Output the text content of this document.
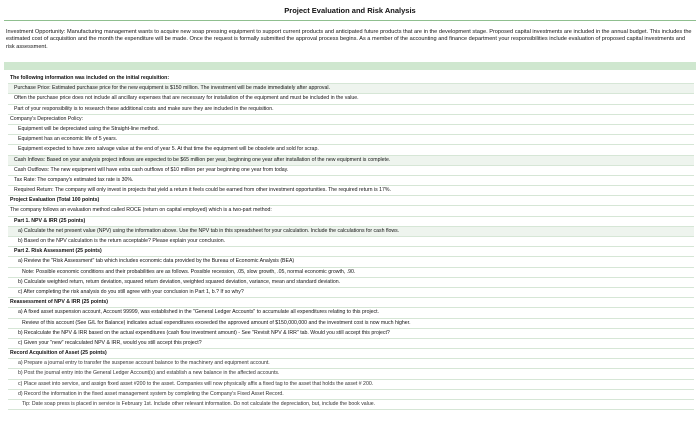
Project Evaluation and Risk Analysis
Investment Opportunity: Manufacturing management wants to acquire new soap pressing equipment to support current products and anticipated future products that are in the development stage. Proposed capital investments are included in the annual budget. This includes the estimated cost of acquisition and the month the expenditure will be made. Once the request is formally submitted the approval process begins. As a member of the accounting and finance department your responsibilities include evaluation of proposed capital investments and risk assessment.
The following information was included on the initial requisition:
Purchase Price: Estimated purchase price for the new equipment is $150 million. The investment will be made immediately after approval.
Often the purchase price does not include all ancillary expenses that are necessary for installation of the equipment and must be included in the value.
Part of your responsibility is to research these additional costs and make sure they are included in the requisition.
Company's Depreciation Policy:
Equipment will be depreciated using the Straight-line method.
Equipment has an economic life of 5 years.
Equipment expected to have zero salvage value at the end of year 5. At that time the equipment will be obsolete and sold for scrap.
Cash Inflows: Based on your analysis project inflows are expected to be $65 million per year, beginning one year after installation of the new equipment is complete.
Cash Outflows: The new equipment will have extra cash outflows of $10 million per year beginning one year from today.
Tax Rate: The company's estimated tax rate is 30%.
Required Return: The company will only invest in projects that yield a return it feels could be earned from other investment opportunities. The required return is 17%.
Project Evaluation (Total 100 points)
The company follows an evaluation method called ROCE (return on capital employed) which is a two-part method:
Part 1. NPV & IRR (25 points)
a) Calculate the net present value (NPV) using the information above. Use the NPV tab in this spreadsheet for your calculation. Include the calculations for cash flows.
b) Based on the NPV calculation is the return acceptable? Please explain your conclusion.
Part 2. Risk Assessment (25 points)
a) Review the "Risk Assessment" tab which includes economic data provided by the Bureau of Economic Analysis (BEA)
Note: Possible economic conditions and their probabilities are as follows. Possible recession, .05, slow growth, .05, normal economic growth, .90.
b) Calculate weighted return, return deviation, squared return deviation, weighted squared deviation, variance, mean and standard deviation.
c) After completing the risk analysis do you still agree with your conclusion in Part 1, b.? If so why?
Reassessment of NPV & IRR (25 points)
a) A fixed asset suspension account, Account 99999, was established in the "General Ledger Accounts" to accumulate all expenditures relating to this project.
Review of this account (See G/L for Balance) indicates actual expenditures exceeded the approved amount of $150,000,000 and the investment cost is now much higher.
b) Recalculate the NPV & IRR based on the actual expenditures (cash flow investment amount) - See "Revisit NPV & IRR" tab. Would you still accept this project?
c) Given your "new" recalculated NPV & IRR, would you still accept this project?
Record Acquisition of Asset (25 points)
a) Prepare a journal entry to transfer the suspense account balance to the machinery and equipment account.
b) Post the journal entry into the General Ledger Account(s) and establish a new balance in the affected accounts.
c) Place asset into service, and assign fixed asset #200 to the asset. Companies will now physically affix a fixed tag to the asset that holds the asset # 200.
d) Record the information in the fixed asset management system by completing the Company's Fixed Asset Record.
Tip: Date soap press is placed in service is February 1st. Include other relevant information. Do not calculate the depreciation, but, include the book value.
